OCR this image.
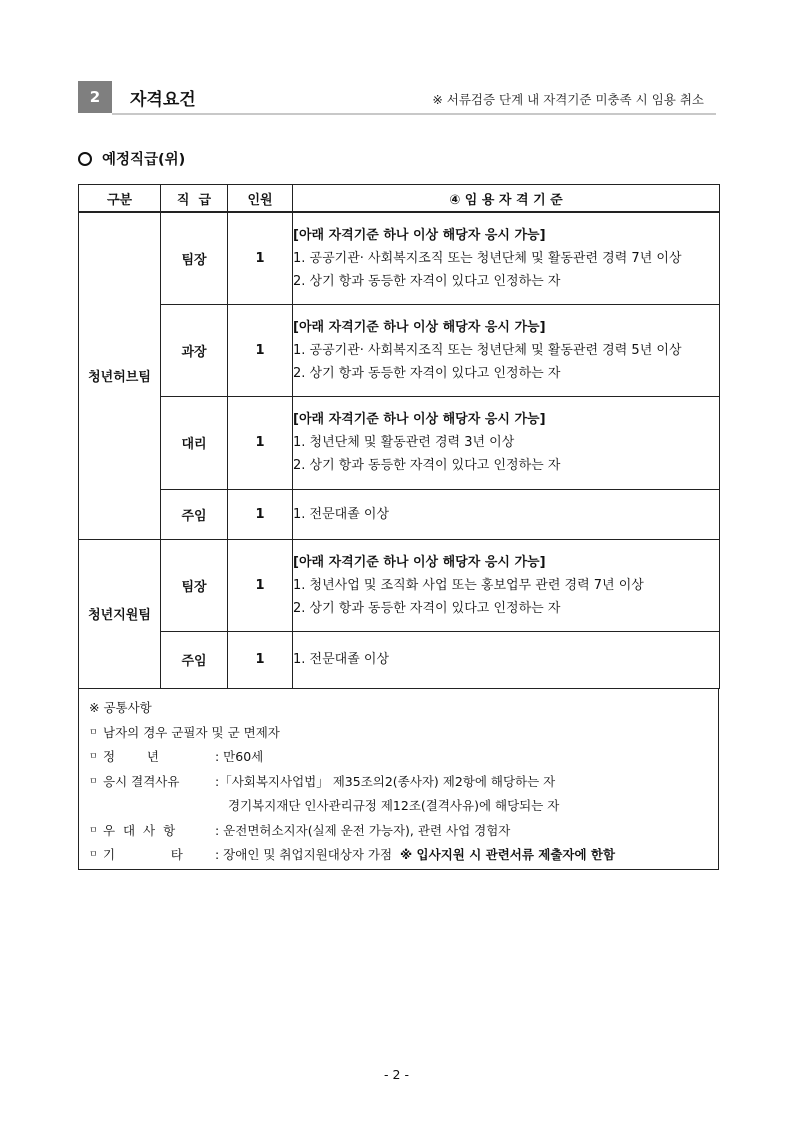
2	자격요건	※ 서류검증 단계 내 자격기준 미충족 시 임용 취소
예정직급(위)
구분	직  급	인원	④ 임 용 자 격 기 준
청년허브팀	팀장	1	[아래 자격기준 하나 이상 해당자 응시 가능]
1. 공공기관· 사회복지조직 또는 청년단체 및 활동관련 경력 7년 이상
2. 상기 항과 동등한 자격이 있다고 인정하는 자

	과장	1	[아래 자격기준 하나 이상 해당자 응시 가능]
1. 공공기관· 사회복지조직 또는 청년단체 및 활동관련 경력 5년 이상
2. 상기 항과 동등한 자격이 있다고 인정하는 자

	대리	1	[아래 자격기준 하나 이상 해당자 응시 가능]
1. 청년단체 및 활동관련 경력 3년 이상
2. 상기 항과 동등한 자격이 있다고 인정하는 자

	주임	1	1. 전문대졸 이상

청년지원팀	팀장	1	[아래 자격기준 하나 이상 해당자 응시 가능]
1. 청년사업 및 조직화 사업 또는 홍보업무 관련 경력 7년 이상
2. 상기 항과 동등한 자격이 있다고 인정하는 자

	주임	1	1. 전문대졸 이상
※ 공통사항
ㅁ 남자의 경우 군필자 및 군 면제자
ㅁ 정        년	: 만60세
ㅁ 응시 결격사유	:「사회복지사업법」 제35조의2(종사자) 제2항에 해당하는 자
경기복지재단 인사관리규정 제12조(결격사유)에 해당되는 자
ㅁ 우  대  사  항	: 운전면허소지자(실제 운전 가능자), 관련 사업 경험자
ㅁ 기              타	: 장애인 및 취업지원대상자 가점 ※ 입사지원 시 관련서류 제출자에 한함
- 2 -
